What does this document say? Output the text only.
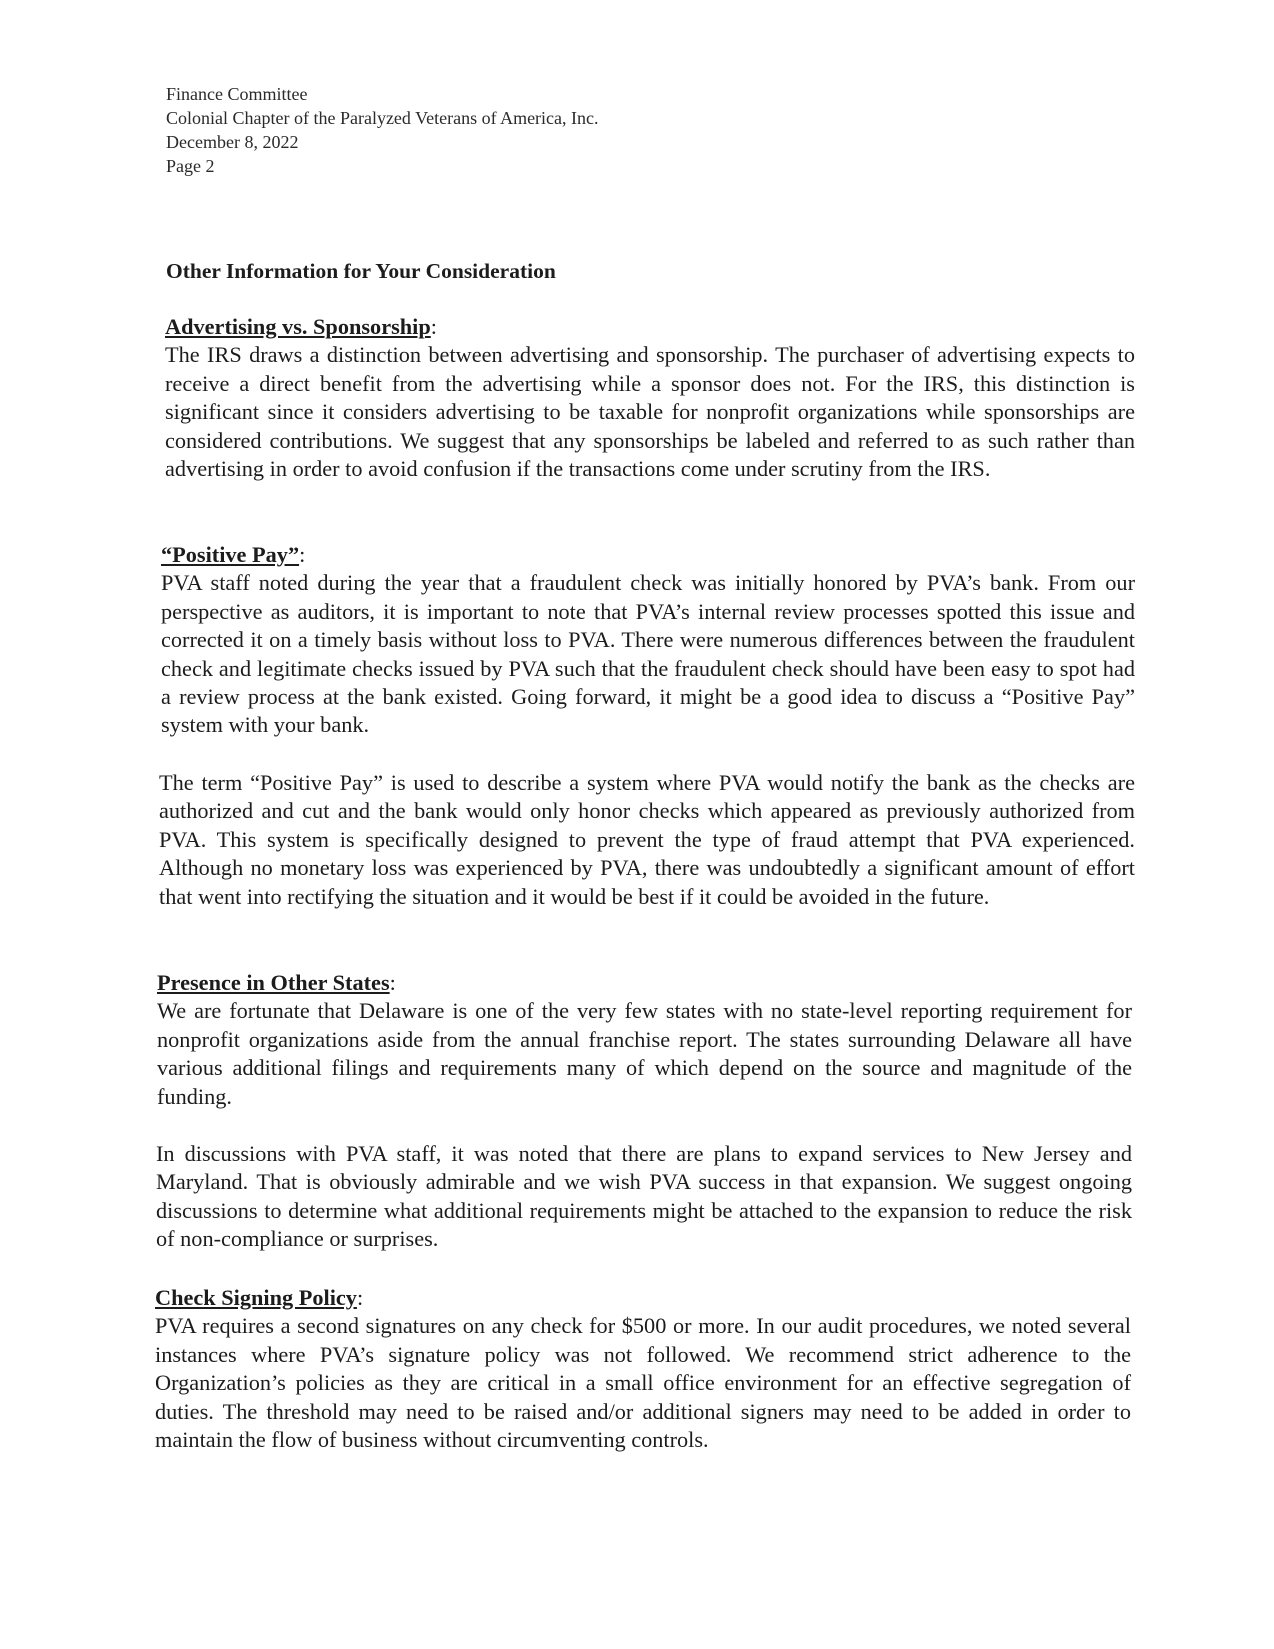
Finance Committee
Colonial Chapter of the Paralyzed Veterans of America, Inc.
December 8, 2022
Page 2
Other Information for Your Consideration
Advertising vs. Sponsorship:
The IRS draws a distinction between advertising and sponsorship. The purchaser of advertising expects to receive a direct benefit from the advertising while a sponsor does not. For the IRS, this distinction is significant since it considers advertising to be taxable for nonprofit organizations while sponsorships are considered contributions. We suggest that any sponsorships be labeled and referred to as such rather than advertising in order to avoid confusion if the transactions come under scrutiny from the IRS.
“Positive Pay”:
PVA staff noted during the year that a fraudulent check was initially honored by PVA’s bank. From our perspective as auditors, it is important to note that PVA’s internal review processes spotted this issue and corrected it on a timely basis without loss to PVA. There were numerous differences between the fraudulent check and legitimate checks issued by PVA such that the fraudulent check should have been easy to spot had a review process at the bank existed. Going forward, it might be a good idea to discuss a “Positive Pay” system with your bank.
The term “Positive Pay” is used to describe a system where PVA would notify the bank as the checks are authorized and cut and the bank would only honor checks which appeared as previously authorized from PVA. This system is specifically designed to prevent the type of fraud attempt that PVA experienced. Although no monetary loss was experienced by PVA, there was undoubtedly a significant amount of effort that went into rectifying the situation and it would be best if it could be avoided in the future.
Presence in Other States:
We are fortunate that Delaware is one of the very few states with no state-level reporting requirement for nonprofit organizations aside from the annual franchise report. The states surrounding Delaware all have various additional filings and requirements many of which depend on the source and magnitude of the funding.
In discussions with PVA staff, it was noted that there are plans to expand services to New Jersey and Maryland. That is obviously admirable and we wish PVA success in that expansion. We suggest ongoing discussions to determine what additional requirements might be attached to the expansion to reduce the risk of non-compliance or surprises.
Check Signing Policy:
PVA requires a second signatures on any check for $500 or more. In our audit procedures, we noted several instances where PVA’s signature policy was not followed. We recommend strict adherence to the Organization’s policies as they are critical in a small office environment for an effective segregation of duties. The threshold may need to be raised and/or additional signers may need to be added in order to maintain the flow of business without circumventing controls.
